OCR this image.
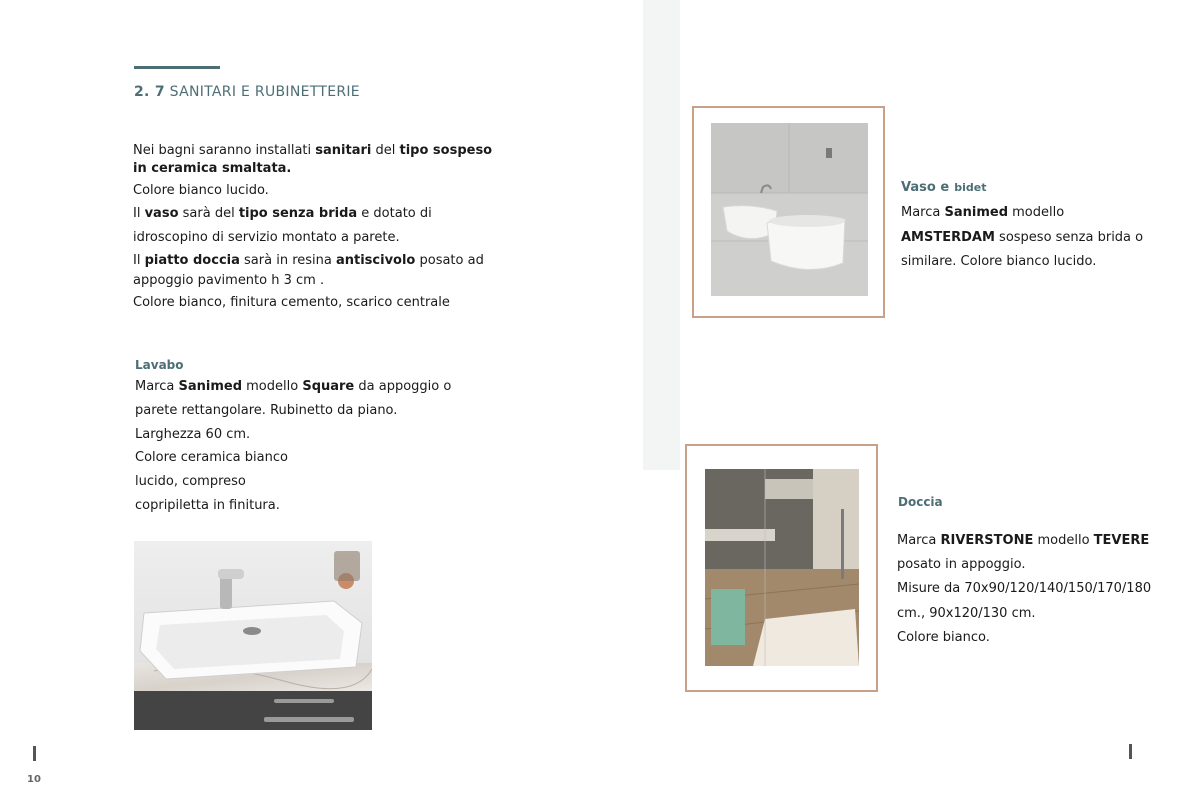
2. 7 SANITARI E RUBINETTERIE
Nei bagni saranno installati sanitari del tipo sospeso
in ceramica smaltata.
Colore bianco lucido.
Il vaso sarà del tipo senza brida e dotato di
idroscopino di servizio montato a parete.
Il piatto doccia sarà in resina antiscivolo posato ad
appoggio pavimento h 3 cm .
Colore bianco, finitura cemento, scarico centrale
Lavabo
Marca Sanimed modello Square da appoggio o
parete rettangolare. Rubinetto da piano.
Larghezza 60 cm.
Colore ceramica bianco
lucido, compreso
copripiletta in finitura.
Vaso e bidet
Marca Sanimed modello
AMSTERDAM sospeso senza brida o
similare. Colore bianco lucido.
Doccia
Marca RIVERSTONE modello TEVERE
posato in appoggio.
Misure da 70x90/120/140/150/170/180
cm., 90x120/130 cm.
Colore bianco.
10
